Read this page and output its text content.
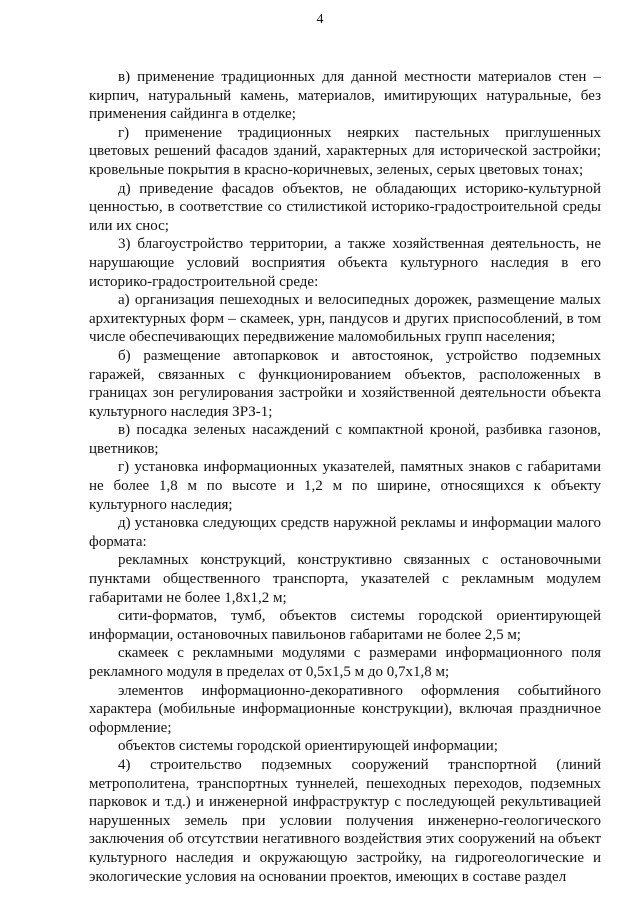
4

в) применение традиционных для данной местности материалов стен – кирпич, натуральный камень, материалов, имитирующих натуральные, без применения сайдинга в отделке;

г) применение традиционных неярких пастельных приглушенных цветовых решений фасадов зданий, характерных для исторической застройки; кровельные покрытия в красно-коричневых, зеленых, серых цветовых тонах;

д) приведение фасадов объектов, не обладающих историко-культурной ценностью, в соответствие со стилистикой историко-градостроительной среды или их снос;

3) благоустройство территории, а также хозяйственная деятельность, не нарушающие условий восприятия объекта культурного наследия в его историко-градостроительной среде:

а) организация пешеходных и велосипедных дорожек, размещение малых архитектурных форм – скамеек, урн, пандусов и других приспособлений, в том числе обеспечивающих передвижение маломобильных групп населения;

б) размещение автопарковок и автостоянок, устройство подземных гаражей, связанных с функционированием объектов, расположенных в границах зон регулирования застройки и хозяйственной деятельности объекта культурного наследия ЗРЗ-1;

в) посадка зеленых насаждений с компактной кроной, разбивка газонов, цветников;

г) установка информационных указателей, памятных знаков с габаритами не более 1,8 м по высоте и 1,2 м по ширине, относящихся к объекту культурного наследия;

д) установка следующих средств наружной рекламы и информации малого формата:

рекламных конструкций, конструктивно связанных с остановочными пунктами общественного транспорта, указателей с рекламным модулем габаритами не более 1,8х1,2 м;

сити-форматов, тумб, объектов системы городской ориентирующей информации, остановочных павильонов габаритами не более 2,5 м;

скамеек с рекламными модулями с размерами информационного поля рекламного модуля в пределах от 0,5х1,5 м до 0,7х1,8 м;

элементов информационно-декоративного оформления событийного характера (мобильные информационные конструкции), включая праздничное оформление;

объектов системы городской ориентирующей информации;

4) строительство подземных сооружений транспортной (линий метрополитена, транспортных туннелей, пешеходных переходов, подземных парковок и т.д.) и инженерной инфраструктур с последующей рекультивацией нарушенных земель при условии получения инженерно-геологического заключения об отсутствии негативного воздействия этих сооружений на объект культурного наследия и окружающую застройку, на гидрогеологические и экологические условия на основании проектов, имеющих в составе раздел
